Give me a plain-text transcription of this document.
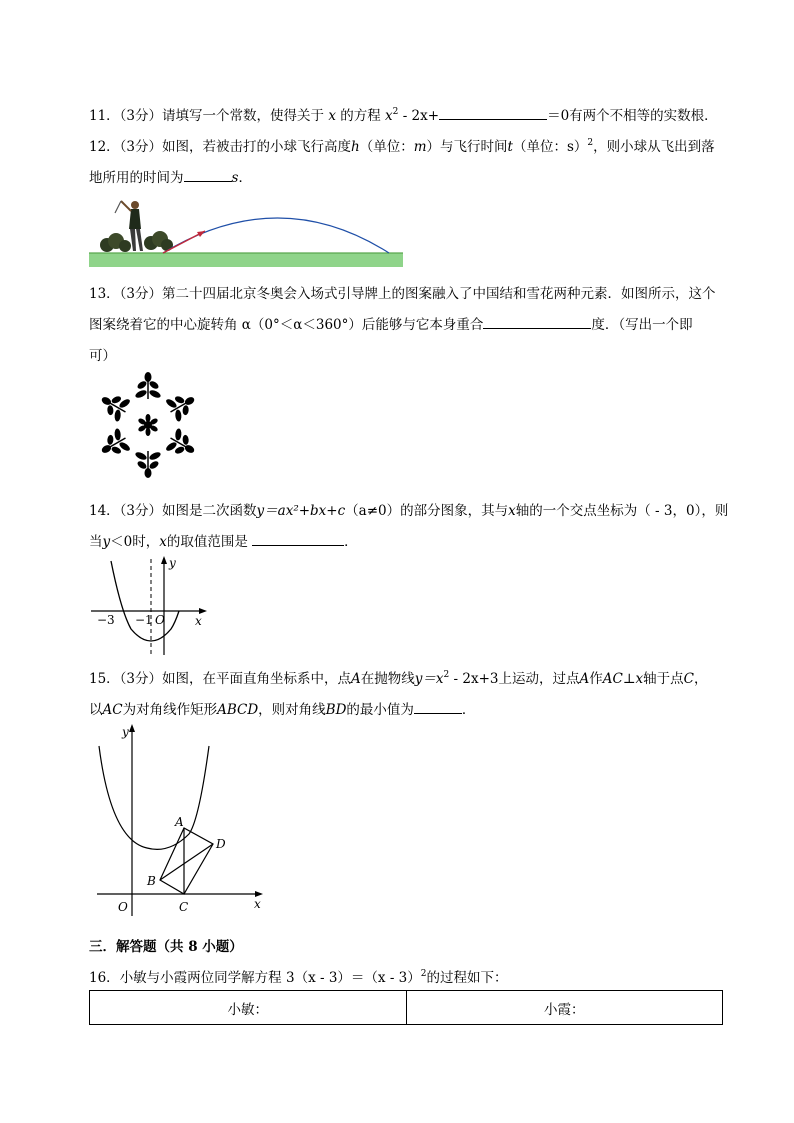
11．（3分）请填写一个常数，使得关于 x 的方程 $x^2 - 2x+$	＝0有两个不相等的实数根．
12．（3分）如图，若被击打的小球飞行高度h（单位：m）与飞行时间t（单位：s）$^2$，则小球从飞出到落
地所用的时间为	s．
13．（3分）第二十四届北京冬奥会入场式引导牌上的图案融入了中国结和雪花两种元素．如图所示，这个
图案绕着它的中心旋转角 α（0°＜α＜360°）后能够与它本身重合	度．（写出一个即
可）
14．（3分）如图是二次函数y＝ax²+bx+c（a≠0）的部分图象，其与x轴的一个交点坐标为（ - 3，0），则
当y＜0时，x的取值范围是	．
y
x
−3 −1 O
15．（3分）如图，在平面直角坐标系中，点A在抛物线$y=x^2 - 2x+3$上运动，过点A作AC⊥x轴于点C，
以AC为对角线作矩形ABCD，则对角线BD的最小值为	．
y
x
O
A
B
C
D
三．解答题（共 8 小题）
16．小敏与小霞两位同学解方程 3（x - 3）＝（x - 3）$^2$的过程如下：
小敏：	小霞：
